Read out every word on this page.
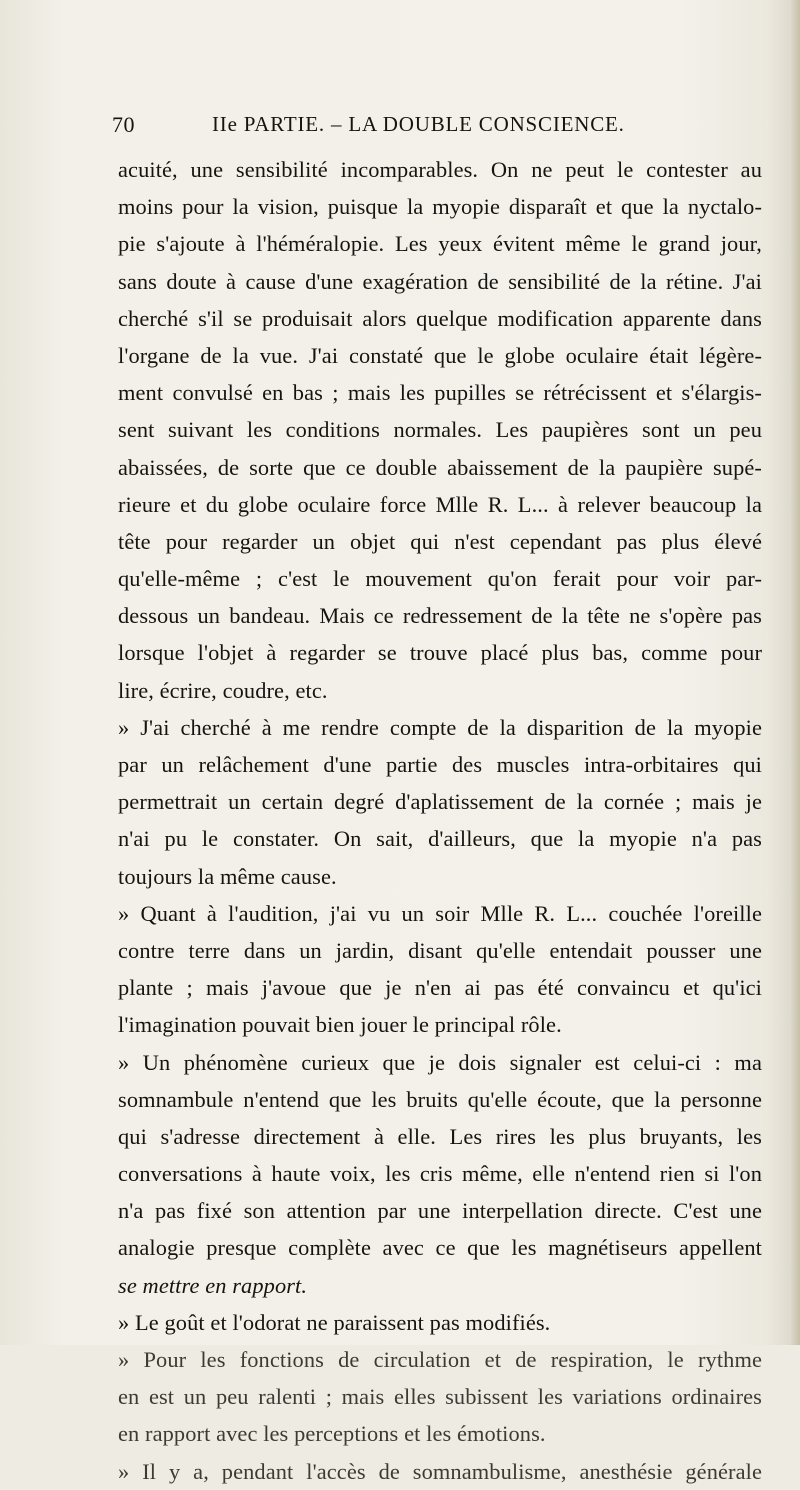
70	IIe PARTIE. – LA DOUBLE CONSCIENCE.
acuité, une sensibilité incomparables. On ne peut le contester au
moins pour la vision, puisque la myopie disparaît et que la nyctalo-
pie s'ajoute à l'héméralopie. Les yeux évitent même le grand jour,
sans doute à cause d'une exagération de sensibilité de la rétine. J'ai
cherché s'il se produisait alors quelque modification apparente dans
l'organe de la vue. J'ai constaté que le globe oculaire était légère-
ment convulsé en bas ; mais les pupilles se rétrécissent et s'élargis-
sent suivant les conditions normales. Les paupières sont un peu
abaissées, de sorte que ce double abaissement de la paupière supé-
rieure et du globe oculaire force Mlle R. L... à relever beaucoup la
tête pour regarder un objet qui n'est cependant pas plus élevé
qu'elle-même ; c'est le mouvement qu'on ferait pour voir par-
dessous un bandeau. Mais ce redressement de la tête ne s'opère pas
lorsque l'objet à regarder se trouve placé plus bas, comme pour
lire, écrire, coudre, etc.
» J'ai cherché à me rendre compte de la disparition de la myopie
par un relâchement d'une partie des muscles intra-orbitaires qui
permettrait un certain degré d'aplatissement de la cornée ; mais je
n'ai pu le constater. On sait, d'ailleurs, que la myopie n'a pas
toujours la même cause.
» Quant à l'audition, j'ai vu un soir Mlle R. L... couchée l'oreille
contre terre dans un jardin, disant qu'elle entendait pousser une
plante ; mais j'avoue que je n'en ai pas été convaincu et qu'ici
l'imagination pouvait bien jouer le principal rôle.
» Un phénomène curieux que je dois signaler est celui-ci : ma
somnambule n'entend que les bruits qu'elle écoute, que la personne
qui s'adresse directement à elle. Les rires les plus bruyants, les
conversations à haute voix, les cris même, elle n'entend rien si l'on
n'a pas fixé son attention par une interpellation directe. C'est une
analogie presque complète avec ce que les magnétiseurs appellent
se mettre en rapport.
» Le goût et l'odorat ne paraissent pas modifiés.
» Pour les fonctions de circulation et de respiration, le rythme
en est un peu ralenti ; mais elles subissent les variations ordinaires
en rapport avec les perceptions et les émotions.
» Il y a, pendant l'accès de somnambulisme, anesthésie générale
